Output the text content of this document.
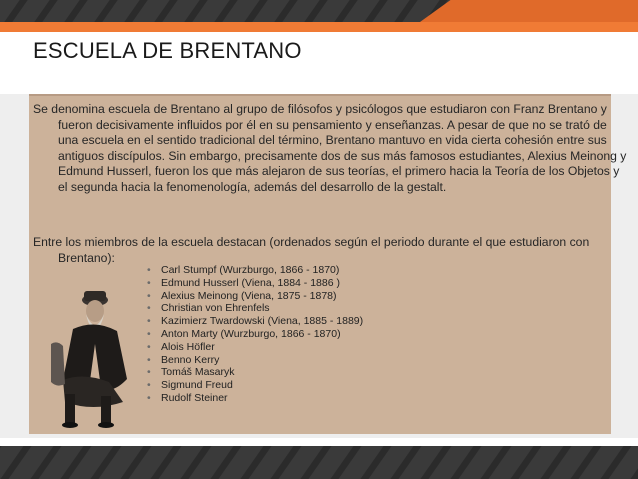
ESCUELA DE BRENTANO
Se denomina escuela de Brentano al grupo de filósofos y psicólogos que estudiaron con Franz Brentano y fueron decisivamente influidos por él en su pensamiento y enseñanzas. A pesar de que no se trató de una escuela en el sentido tradicional del término, Brentano mantuvo en vida cierta cohesión entre sus antiguos discípulos. Sin embargo, precisamente dos de sus más famosos estudiantes, Alexius Meinong y Edmund Husserl, fueron los que más alejaron de sus teorías, el primero hacia la Teoría de los Objetos y el segunda hacia la fenomenología, además del desarrollo de la gestalt.
Entre los miembros de la escuela destacan (ordenados según el periodo durante el que estudiaron con Brentano):
• Carl Stumpf (Wurzburgo, 1866 - 1870)
• Edmund Husserl (Viena, 1884 - 1886 )
• Alexius Meinong (Viena, 1875 - 1878)
• Christian von Ehrenfels
• Kazimierz Twardowski (Viena, 1885 - 1889)
• Anton Marty (Wurzburgo, 1866 - 1870)
• Alois Höfler
• Benno Kerry
• Tomáš Masaryk
• Sigmund Freud
• Rudolf Steiner
